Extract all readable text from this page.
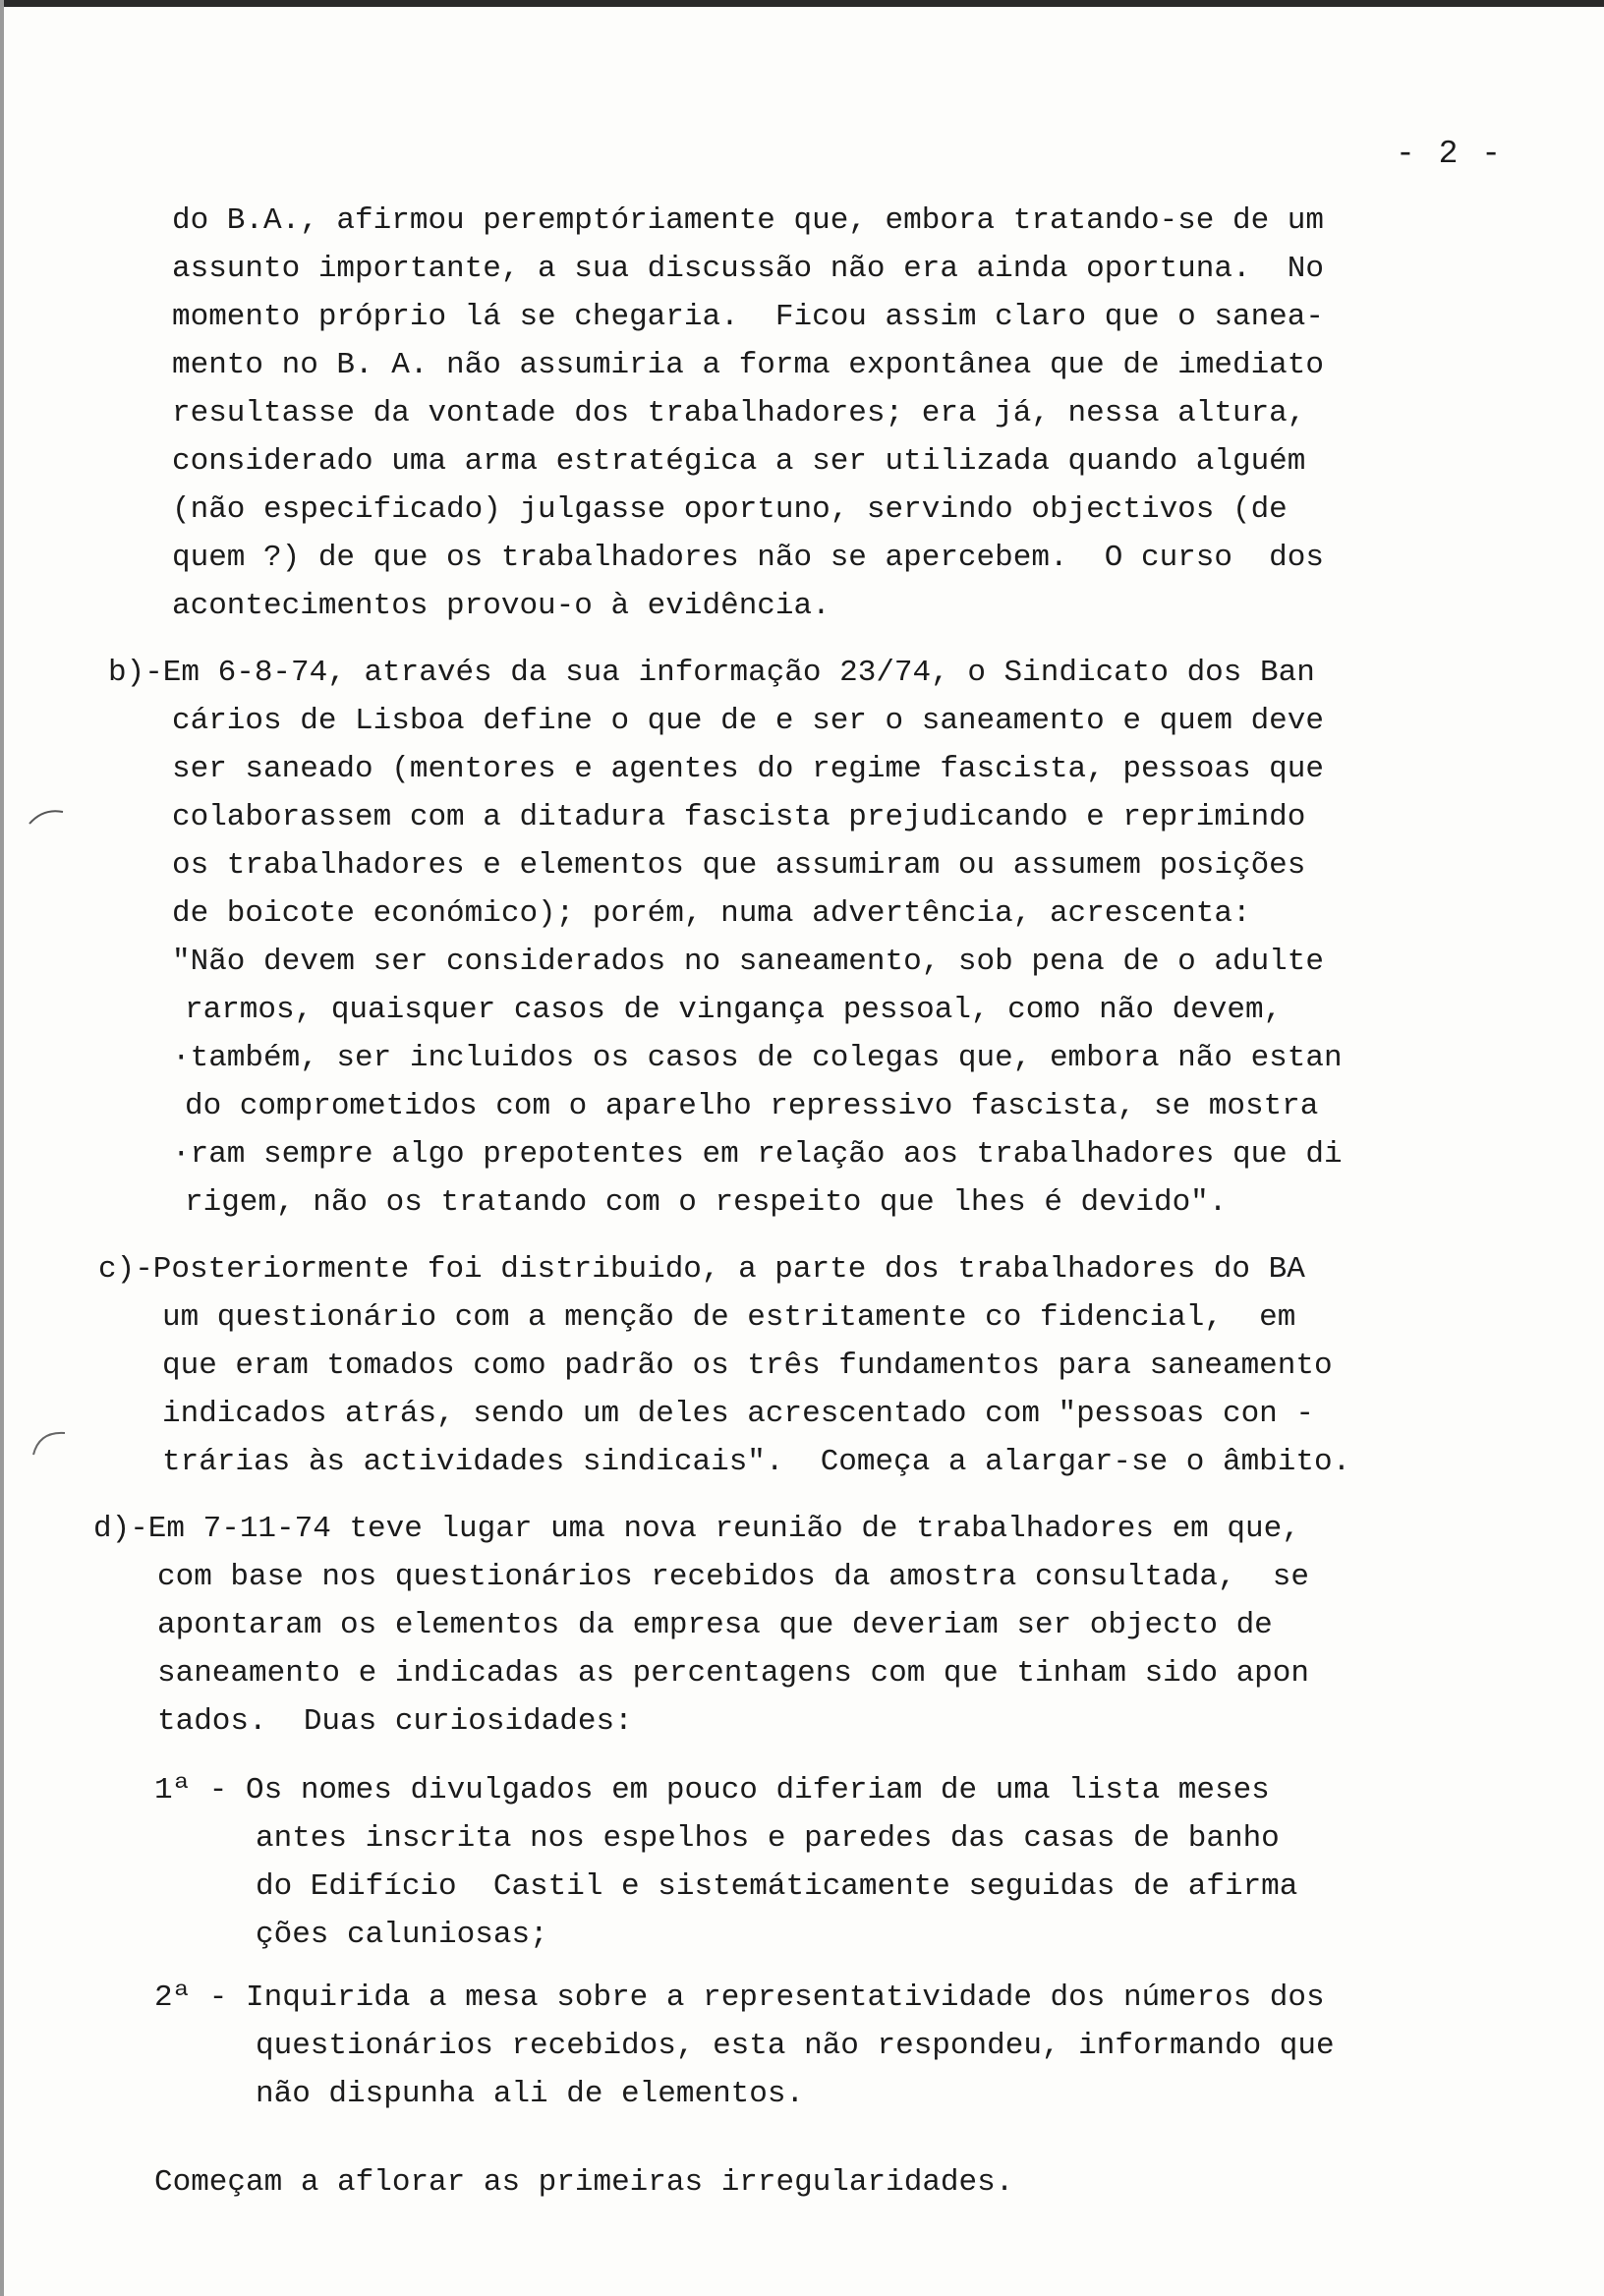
- 2 -
do B.A., afirmou peremptóriamente que, embora tratando-se de um
assunto importante, a sua discussão não era ainda oportuna.  No
momento próprio lá se chegaria.  Ficou assim claro que o sanea-
mento no B. A. não assumiria a forma expontânea que de imediato
resultasse da vontade dos trabalhadores; era já, nessa altura,
considerado uma arma estratégica a ser utilizada quando alguém
(não especificado) julgasse oportuno, servindo objectivos (de
quem ?) de que os trabalhadores não se apercebem.  O curso  dos
acontecimentos provou-o à evidência.
b)-Em 6-8-74, através da sua informação 23/74, o Sindicato dos Ban
cários de Lisboa define o que de e ser o saneamento e quem deve
ser saneado (mentores e agentes do regime fascista, pessoas que
colaborassem com a ditadura fascista prejudicando e reprimindo
os trabalhadores e elementos que assumiram ou assumem posições
de boicote económico); porém, numa advertência, acrescenta:
"Não devem ser considerados no saneamento, sob pena de o adulte
rarmos, quaisquer casos de vingança pessoal, como não devem,
·também, ser incluidos os casos de colegas que, embora não estan
do comprometidos com o aparelho repressivo fascista, se mostra
·ram sempre algo prepotentes em relação aos trabalhadores que di
rigem, não os tratando com o respeito que lhes é devido".
c)-Posteriormente foi distribuido, a parte dos trabalhadores do BA
um questionário com a menção de estritamente co fidencial,  em
que eram tomados como padrão os três fundamentos para saneamento
indicados atrás, sendo um deles acrescentado com "pessoas con -
trárias às actividades sindicais".  Começa a alargar-se o âmbito.
d)-Em 7-11-74 teve lugar uma nova reunião de trabalhadores em que,
com base nos questionários recebidos da amostra consultada,  se
apontaram os elementos da empresa que deveriam ser objecto de
saneamento e indicadas as percentagens com que tinham sido apon
tados.  Duas curiosidades:
1ª - Os nomes divulgados em pouco diferiam de uma lista meses
antes inscrita nos espelhos e paredes das casas de banho
do Edifício  Castil e sistemáticamente seguidas de afirma
ções caluniosas;
2ª - Inquirida a mesa sobre a representatividade dos números dos
questionários recebidos, esta não respondeu, informando que
não dispunha ali de elementos.
Começam a aflorar as primeiras irregularidades.
